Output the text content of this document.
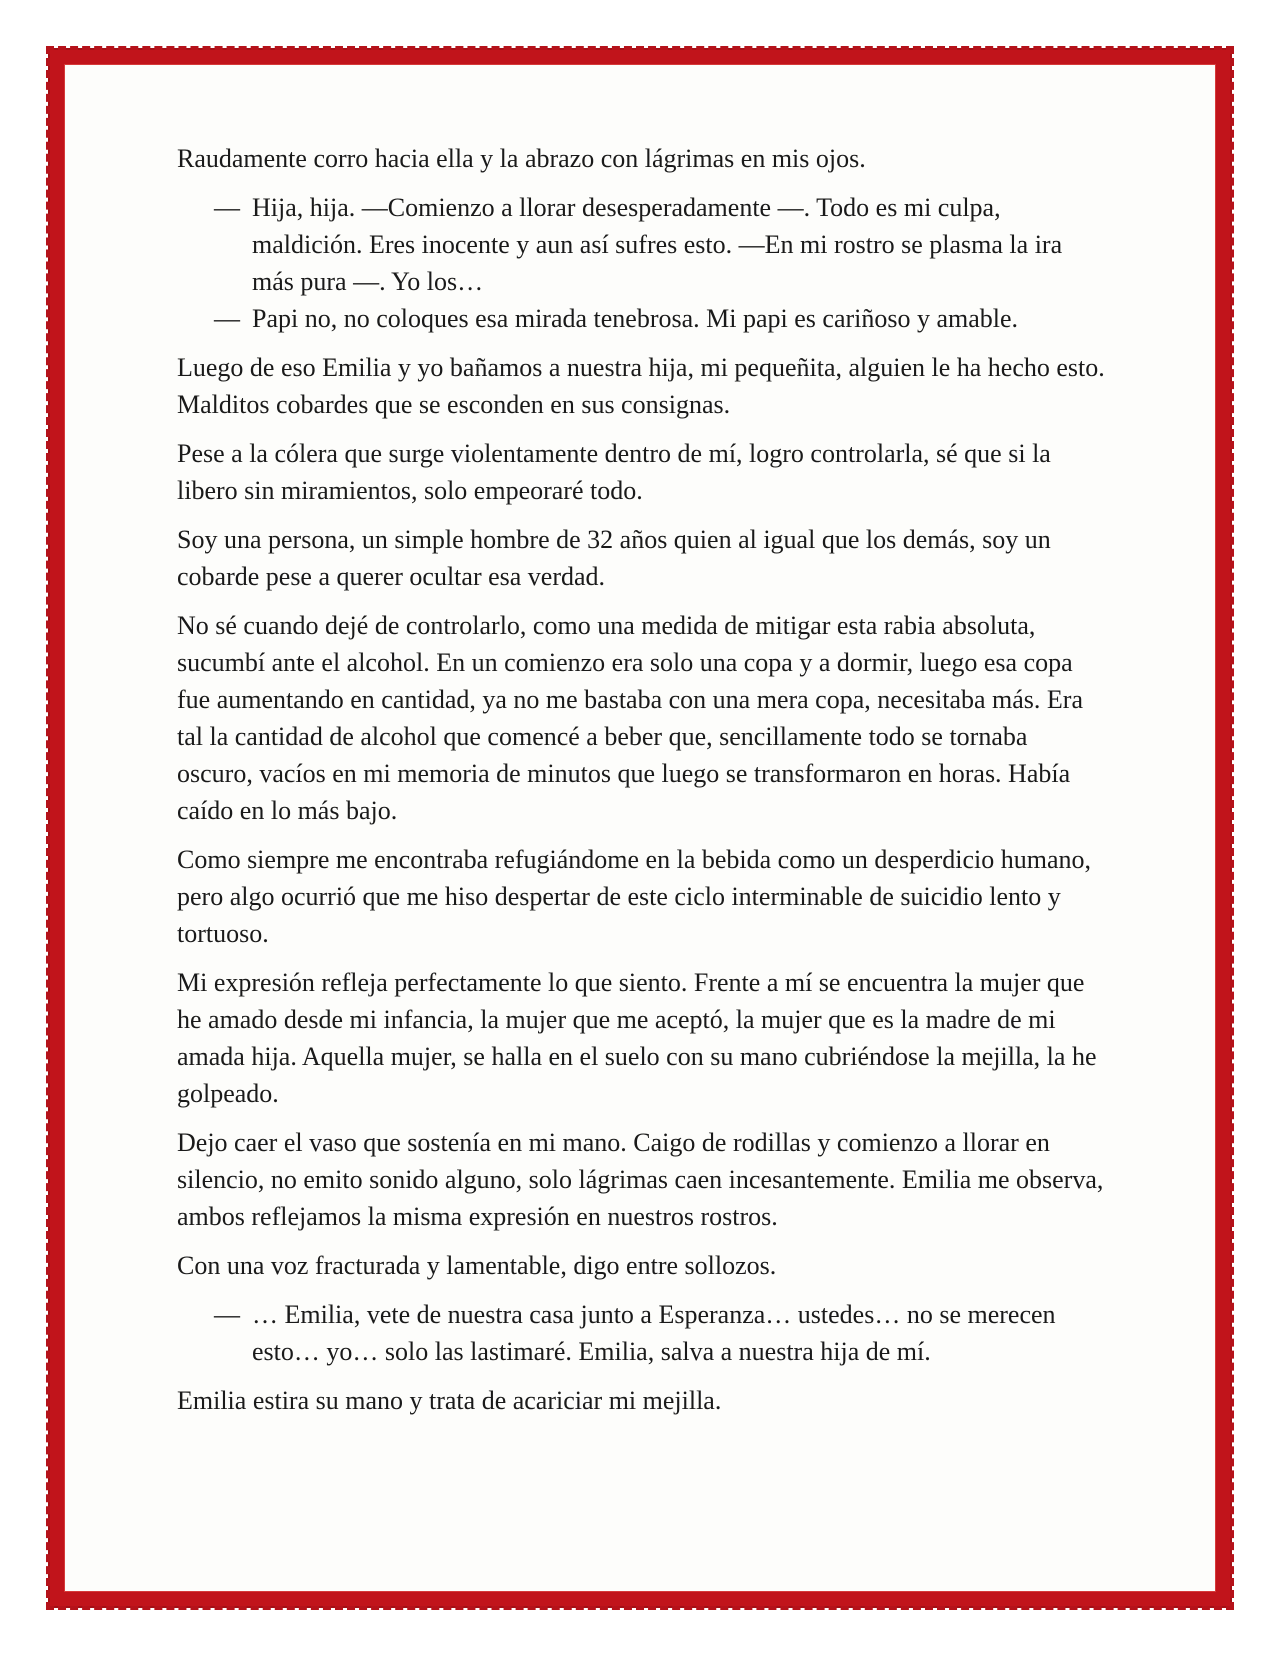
Raudamente corro hacia ella y la abrazo con lágrimas en mis ojos.

— Hija, hija. —Comienzo a llorar desesperadamente —. Todo es mi culpa, maldición. Eres inocente y aun así sufres esto. —En mi rostro se plasma la ira más pura —. Yo los…

— Papi no, no coloques esa mirada tenebrosa. Mi papi es cariñoso y amable.

Luego de eso Emilia y yo bañamos a nuestra hija, mi pequeñita, alguien le ha hecho esto. Malditos cobardes que se esconden en sus consignas.

Pese a la cólera que surge violentamente dentro de mí, logro controlarla, sé que si la libero sin miramientos, solo empeoraré todo.

Soy una persona, un simple hombre de 32 años quien al igual que los demás, soy un cobarde pese a querer ocultar esa verdad.

No sé cuando dejé de controlarlo, como una medida de mitigar esta rabia absoluta, sucumbí ante el alcohol. En un comienzo era solo una copa y a dormir, luego esa copa fue aumentando en cantidad, ya no me bastaba con una mera copa, necesitaba más. Era tal la cantidad de alcohol que comencé a beber que, sencillamente todo se tornaba oscuro, vacíos en mi memoria de minutos que luego se transformaron en horas. Había caído en lo más bajo.

Como siempre me encontraba refugiándome en la bebida como un desperdicio humano, pero algo ocurrió que me hiso despertar de este ciclo interminable de suicidio lento y tortuoso.

Mi expresión refleja perfectamente lo que siento. Frente a mí se encuentra la mujer que he amado desde mi infancia, la mujer que me aceptó, la mujer que es la madre de mi amada hija. Aquella mujer, se halla en el suelo con su mano cubriéndose la mejilla, la he golpeado.

Dejo caer el vaso que sostenía en mi mano. Caigo de rodillas y comienzo a llorar en silencio, no emito sonido alguno, solo lágrimas caen incesantemente. Emilia me observa, ambos reflejamos la misma expresión en nuestros rostros.

Con una voz fracturada y lamentable, digo entre sollozos.

— … Emilia, vete de nuestra casa junto a Esperanza… ustedes… no se merecen esto… yo… solo las lastimaré. Emilia, salva a nuestra hija de mí.

Emilia estira su mano y trata de acariciar mi mejilla.
